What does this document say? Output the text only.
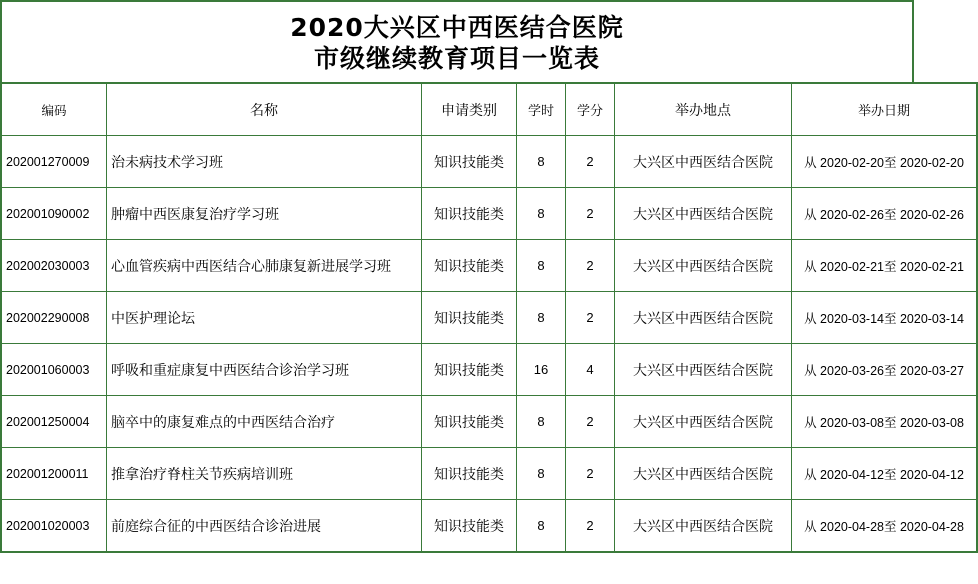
2020大兴区中西医结合医院
市级继续教育项目一览表
编码	名称	申请类别	学时	学分	举办地点	举办日期
202001270009	治未病技术学习班	知识技能类	8	2	大兴区中西医结合医院	从 2020-02-20至 2020-02-20
202001090002	肿瘤中西医康复治疗学习班	知识技能类	8	2	大兴区中西医结合医院	从 2020-02-26至 2020-02-26
202002030003	心血管疾病中西医结合心肺康复新进展学习班	知识技能类	8	2	大兴区中西医结合医院	从 2020-02-21至 2020-02-21
202002290008	中医护理论坛	知识技能类	8	2	大兴区中西医结合医院	从 2020-03-14至 2020-03-14
202001060003	呼吸和重症康复中西医结合诊治学习班	知识技能类	16	4	大兴区中西医结合医院	从 2020-03-26至 2020-03-27
202001250004	脑卒中的康复难点的中西医结合治疗	知识技能类	8	2	大兴区中西医结合医院	从 2020-03-08至 2020-03-08
202001200011	推拿治疗脊柱关节疾病培训班	知识技能类	8	2	大兴区中西医结合医院	从 2020-04-12至 2020-04-12
202001020003	前庭综合征的中西医结合诊治进展	知识技能类	8	2	大兴区中西医结合医院	从 2020-04-28至 2020-04-28
